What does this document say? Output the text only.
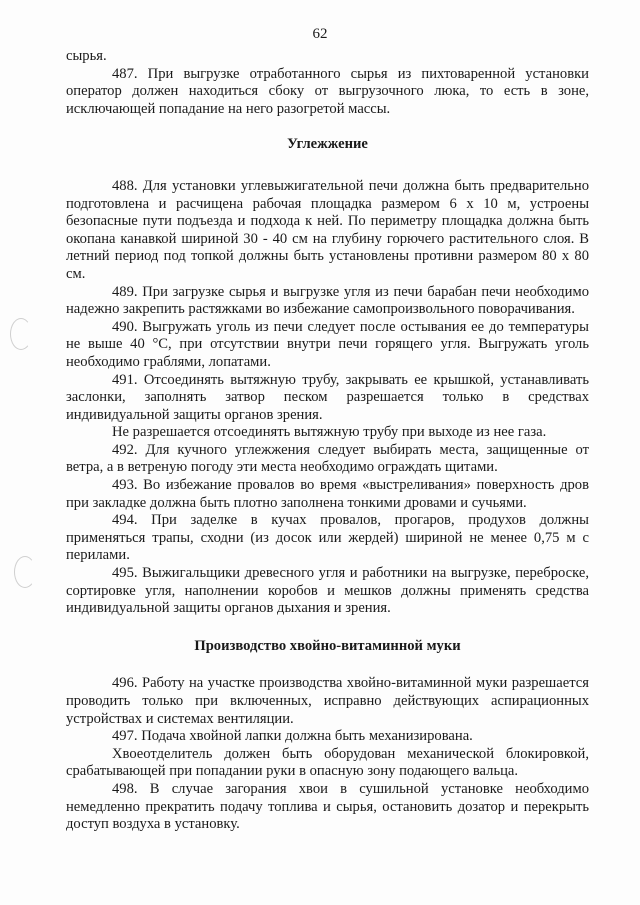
62

сырья.

487. При выгрузке отработанного сырья из пихтоваренной установки оператор должен находиться сбоку от выгрузочного люка, то есть в зоне, исключающей попадание на него разогретой массы.

Углежжение

488. Для установки углевыжигательной печи должна быть предварительно подготовлена и расчищена рабочая площадка размером 6 х 10 м, устроены безопасные пути подъезда и подхода к ней. По периметру площадка должна быть окопана канавкой шириной 30 - 40 см на глубину горючего растительного слоя. В летний период под топкой должны быть установлены противни размером 80 х 80 см.

489. При загрузке сырья и выгрузке угля из печи барабан печи необходимо надежно закрепить растяжками во избежание самопроизвольного поворачивания.

490. Выгружать уголь из печи следует после остывания ее до температуры не выше 40 °С, при отсутствии внутри печи горящего угля. Выгружать уголь необходимо граблями, лопатами.

491. Отсоединять вытяжную трубу, закрывать ее крышкой, устанавливать заслонки, заполнять затвор песком разрешается только в средствах индивидуальной защиты органов зрения.

Не разрешается отсоединять вытяжную трубу при выходе из нее газа.

492. Для кучного углежжения следует выбирать места, защищенные от ветра, а в ветреную погоду эти места необходимо ограждать щитами.

493. Во избежание провалов во время «выстреливания» поверхность дров при закладке должна быть плотно заполнена тонкими дровами и сучьями.

494. При заделке в кучах провалов, прогаров, продухов должны применяться трапы, сходни (из досок или жердей) шириной не менее 0,75 м с перилами.

495. Выжигальщики древесного угля и работники на выгрузке, переброске, сортировке угля, наполнении коробов и мешков должны применять средства индивидуальной защиты органов дыхания и зрения.

Производство хвойно-витаминной муки

496. Работу на участке производства хвойно-витаминной муки разрешается проводить только при включенных, исправно действующих аспирационных устройствах и системах вентиляции.

497. Подача хвойной лапки должна быть механизирована.

Хвоеотделитель должен быть оборудован механической блокировкой, срабатывающей при попадании руки в опасную зону подающего вальца.

498. В случае загорания хвои в сушильной установке необходимо немедленно прекратить подачу топлива и сырья, остановить дозатор и перекрыть доступ воздуха в установку.
